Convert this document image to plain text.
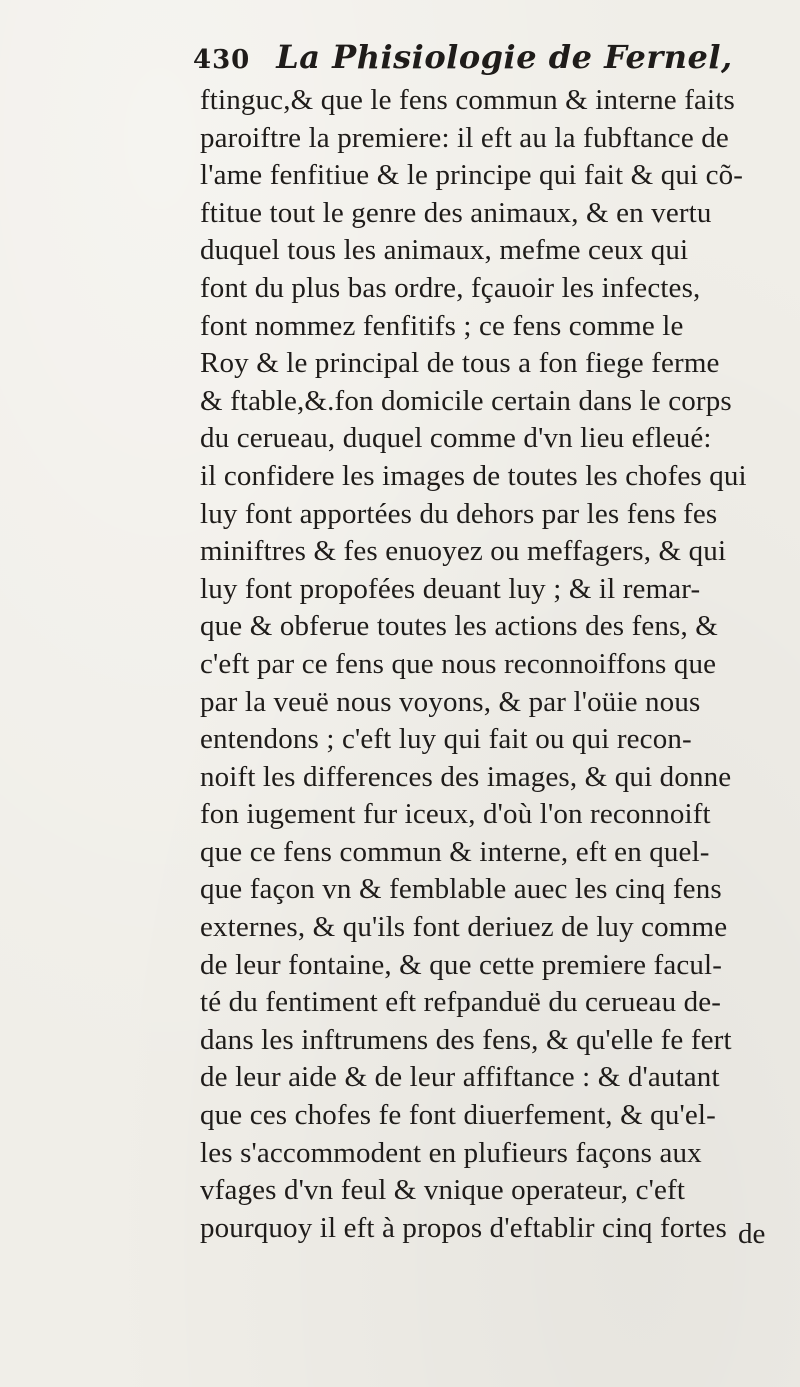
430 La Phisiologie de Fernel,
ftinguc,& que le fens commun & interne faits
paroiftre la premiere: il eft au la fubftance de
l'ame fenfitiue & le principe qui fait & qui cõ-
ftitue tout le genre des animaux, & en vertu
duquel tous les animaux, mefme ceux qui
font du plus bas ordre, fçauoir les infectes,
font nommez fenfitifs ; ce fens comme le
Roy & le principal de tous a fon fiege ferme
& ftable,&.fon domicile certain dans le corps
du cerueau, duquel comme d'vn lieu efleué:
il confidere les images de toutes les chofes qui
luy font apportées du dehors par les fens fes
miniftres & fes enuoyez ou meffagers, & qui
luy font propofées deuant luy ; & il remar-
que & obferue toutes les actions des fens, &
c'eft par ce fens que nous reconnoiffons que
par la veuë nous voyons, & par l'oüie nous
entendons ; c'eft luy qui fait ou qui recon-
noift les differences des images, & qui donne
fon iugement fur iceux, d'où l'on reconnoift
que ce fens commun & interne, eft en quel-
que façon vn & femblable auec les cinq fens
externes, & qu'ils font deriuez de luy comme
de leur fontaine, & que cette premiere facul-
té du fentiment eft refpanduë du cerueau de-
dans les inftrumens des fens, & qu'elle fe fert
de leur aide & de leur affiftance : & d'autant
que ces chofes fe font diuerfement, & qu'el-
les s'accommodent en plufieurs façons aux
vfages d'vn feul & vnique operateur, c'eft
pourquoy il eft à propos d'eftablir cinq fortes de
